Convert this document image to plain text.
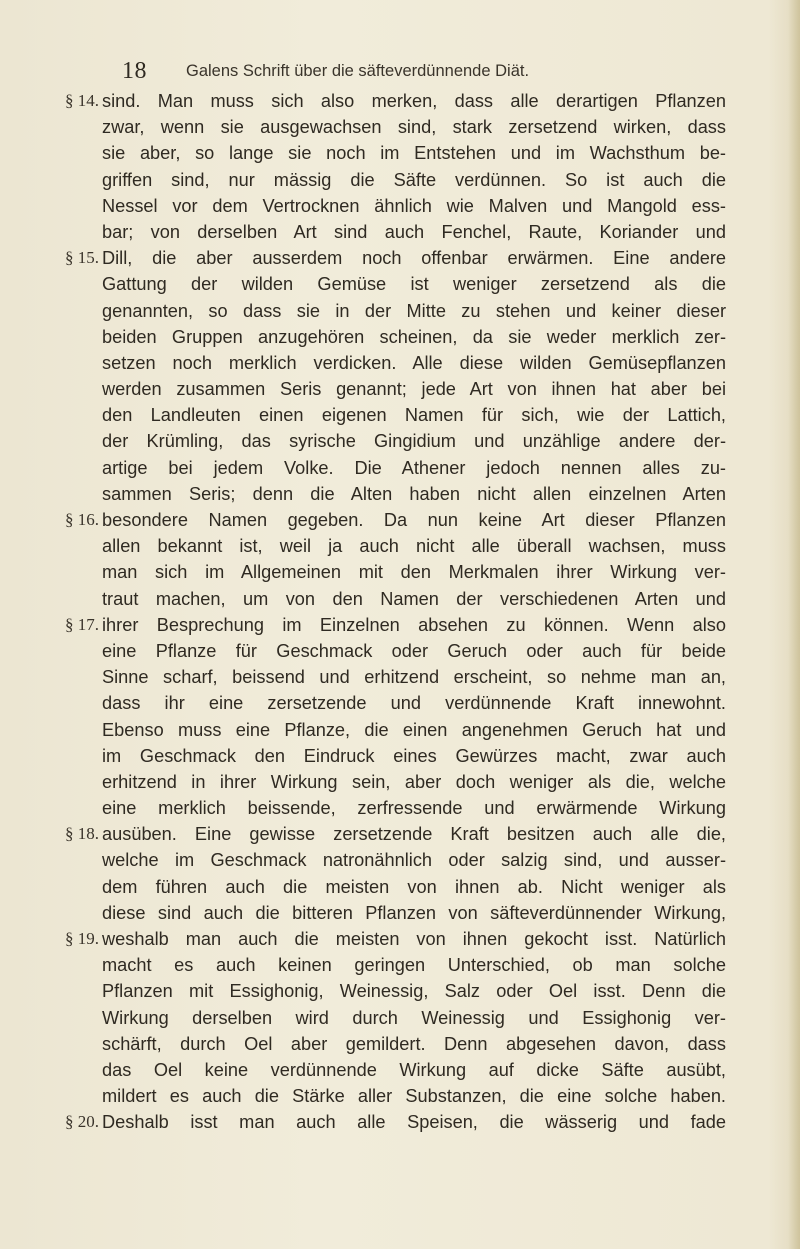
18 Galens Schrift über die säfteverdünnende Diät.
§ 14. sind. Man muss sich also merken, dass alle derartigen Pflanzen
zwar, wenn sie ausgewachsen sind, stark zersetzend wirken, dass
sie aber, so lange sie noch im Entstehen und im Wachsthum be-
griffen sind, nur mässig die Säfte verdünnen. So ist auch die
Nessel vor dem Vertrocknen ähnlich wie Malven und Mangold ess-
bar; von derselben Art sind auch Fenchel, Raute, Koriander und
§ 15. Dill, die aber ausserdem noch offenbar erwärmen. Eine andere
Gattung der wilden Gemüse ist weniger zersetzend als die
genannten, so dass sie in der Mitte zu stehen und keiner dieser
beiden Gruppen anzugehören scheinen, da sie weder merklich zer-
setzen noch merklich verdicken. Alle diese wilden Gemüsepflanzen
werden zusammen Seris genannt; jede Art von ihnen hat aber bei
den Landleuten einen eigenen Namen für sich, wie der Lattich,
der Krümling, das syrische Gingidium und unzählige andere der-
artige bei jedem Volke. Die Athener jedoch nennen alles zu-
sammen Seris; denn die Alten haben nicht allen einzelnen Arten
§ 16. besondere Namen gegeben. Da nun keine Art dieser Pflanzen
allen bekannt ist, weil ja auch nicht alle überall wachsen, muss
man sich im Allgemeinen mit den Merkmalen ihrer Wirkung ver-
traut machen, um von den Namen der verschiedenen Arten und
§ 17. ihrer Besprechung im Einzelnen absehen zu können. Wenn also
eine Pflanze für Geschmack oder Geruch oder auch für beide
Sinne scharf, beissend und erhitzend erscheint, so nehme man an,
dass ihr eine zersetzende und verdünnende Kraft innewohnt.
Ebenso muss eine Pflanze, die einen angenehmen Geruch hat und
im Geschmack den Eindruck eines Gewürzes macht, zwar auch
erhitzend in ihrer Wirkung sein, aber doch weniger als die, welche
eine merklich beissende, zerfressende und erwärmende Wirkung
§ 18. ausüben. Eine gewisse zersetzende Kraft besitzen auch alle die,
welche im Geschmack natronähnlich oder salzig sind, und ausser-
dem führen auch die meisten von ihnen ab. Nicht weniger als
diese sind auch die bitteren Pflanzen von säfteverdünnender Wirkung,
§ 19. weshalb man auch die meisten von ihnen gekocht isst. Natürlich
macht es auch keinen geringen Unterschied, ob man solche
Pflanzen mit Essighonig, Weinessig, Salz oder Oel isst. Denn die
Wirkung derselben wird durch Weinessig und Essighonig ver-
schärft, durch Oel aber gemildert. Denn abgesehen davon, dass
das Oel keine verdünnende Wirkung auf dicke Säfte ausübt,
mildert es auch die Stärke aller Substanzen, die eine solche haben.
§ 20. Deshalb isst man auch alle Speisen, die wässerig und fade
